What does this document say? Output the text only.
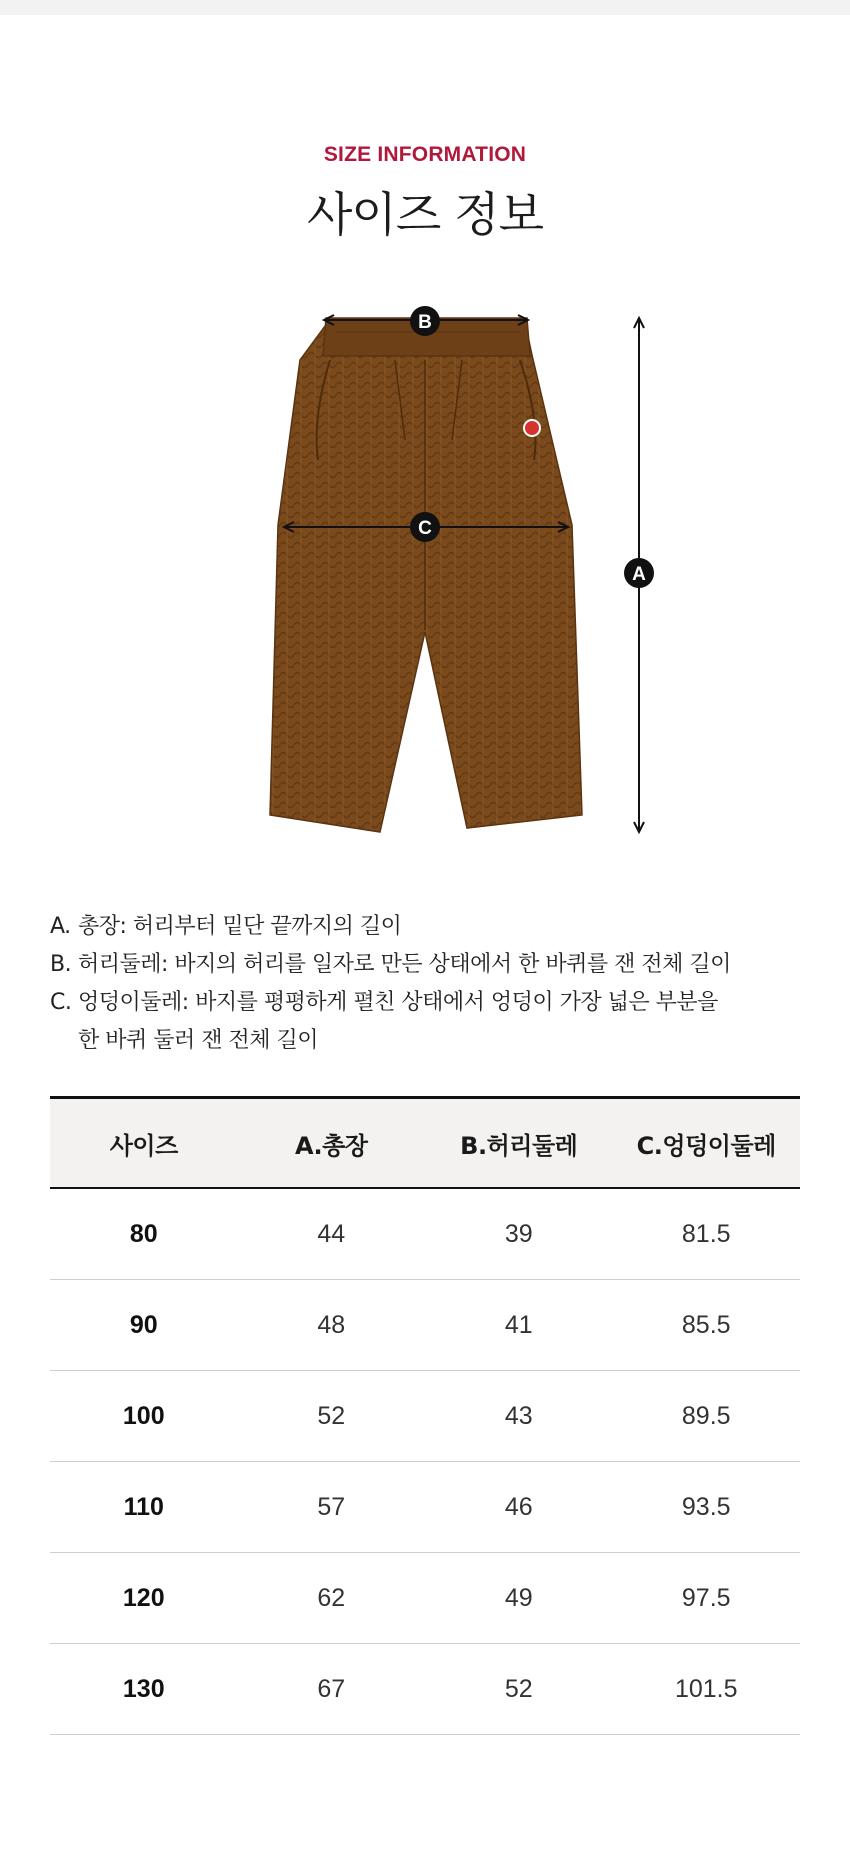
SIZE INFORMATION
사이즈 정보
B
C
A
A. 총장: 허리부터 밑단 끝까지의 길이
B. 허리둘레: 바지의 허리를 일자로 만든 상태에서 한 바퀴를 잰 전체 길이
C. 엉덩이둘레: 바지를 평평하게 펼친 상태에서 엉덩이 가장 넓은 부분을
한 바퀴 둘러 잰 전체 길이
사이즈	A.총장	B.허리둘레	C.엉덩이둘레
80	44	39	81.5
90	48	41	85.5
100	52	43	89.5
110	57	46	93.5
120	62	49	97.5
130	67	52	101.5
